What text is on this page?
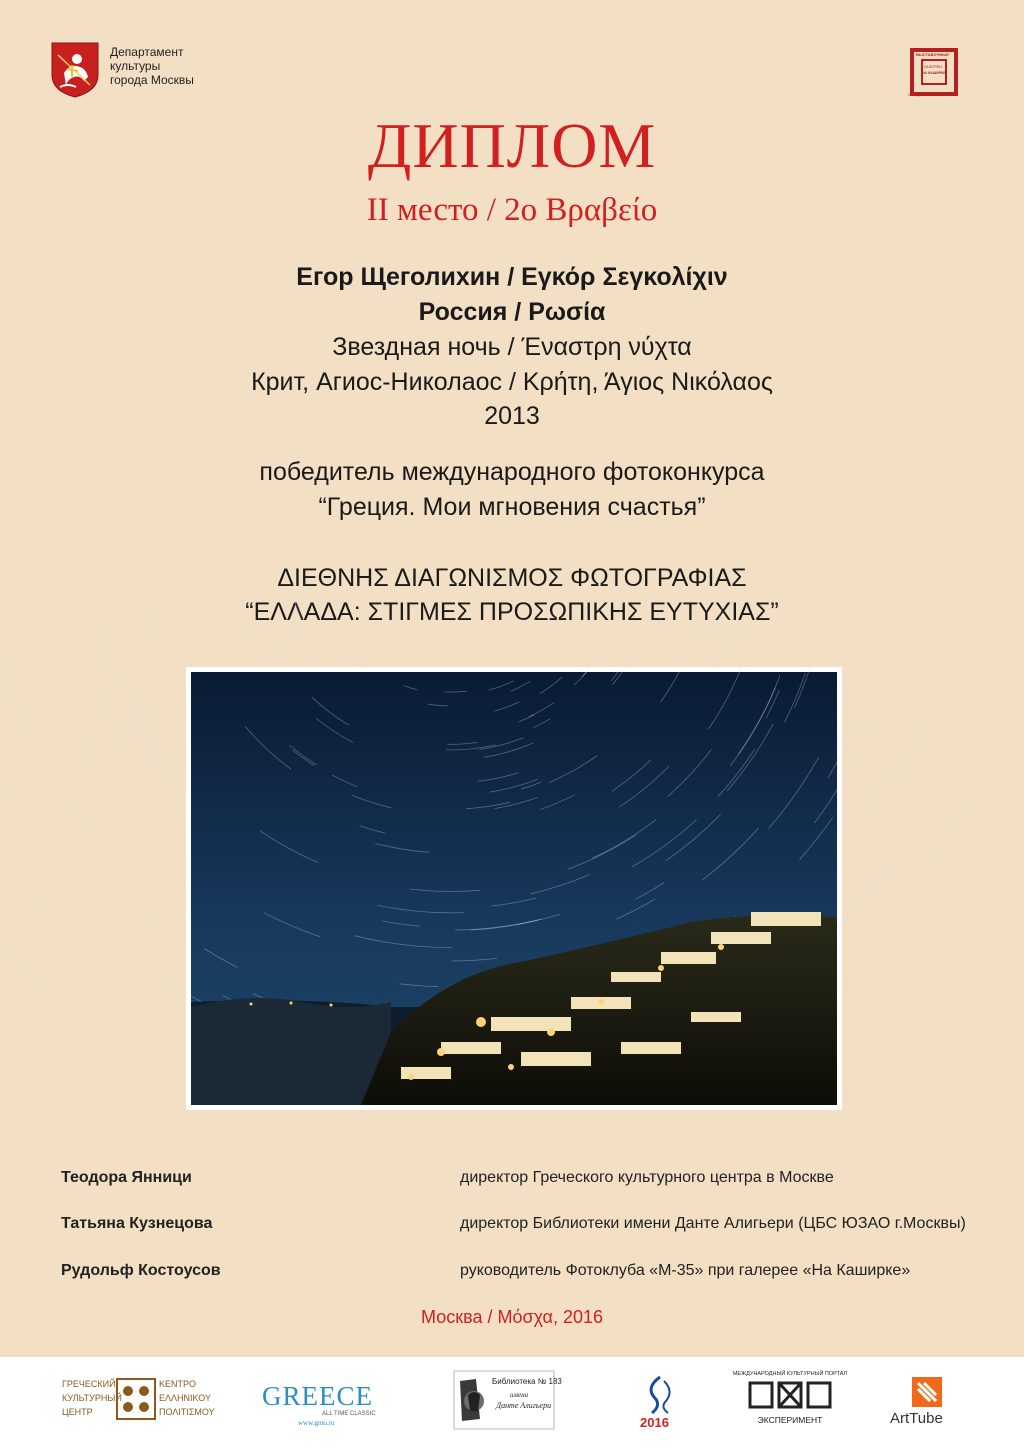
Департамент
культуры
города Москвы
ВЫСТАВОЧНЫЕ
ГАЛЕРЕИ
НА КАШИРКЕ
ОБЪЕДИНЕНИЕ
ДИПЛОМ
II место / 2ο Βραβείο
Егор Щеголихин / Εγκόρ Σεγκολίχιν
Россия / Ρωσία
Звездная ночь / Έναστρη νύχτα
Крит, Агиос-Николаос / Κρήτη, Άγιος Νικόλαος
2013
победитель международного фотоконкурса
“Греция. Мои мгновения счастья”
ΔΙΕΘΝΗΣ ΔΙΑΓΩΝΙΣΜΟΣ ΦΩΤΟΓΡΑΦΙΑΣ
“ΕΛΛΑΔΑ: ΣΤΙΓΜΕΣ ΠΡΟΣΩΠΙΚΗΣ ΕΥΤΥΧΙΑΣ”
Теодора Янници	директор Греческого культурного центра в Москве
Татьяна Кузнецова	директор Библиотеки имени Данте Алигьери (ЦБС ЮЗАО г.Москвы)
Рудольф Костоусов	руководитель Фотоклуба «М-35» при галерее «На Каширке»
Москва / Μόσχα, 2016
ГРЕЧЕСКИЙ
КУЛЬТУРНЫЙ
ЦЕНТР
ΚΕΝΤΡΟ
ΕΛΛΗΝΙΚΟΥ
ΠΟΛΙΤΙΣΜΟΥ
GREECE
ALL TIME CLASSIC
www.gnto.ru
Библиотека № 183
имени
Данте Алигьери
2016
МЕЖДУНАРОДНЫЙ КУЛЬТУРНЫЙ ПОРТАЛ
ЭКСПЕРИМЕНТ	ArtTube
